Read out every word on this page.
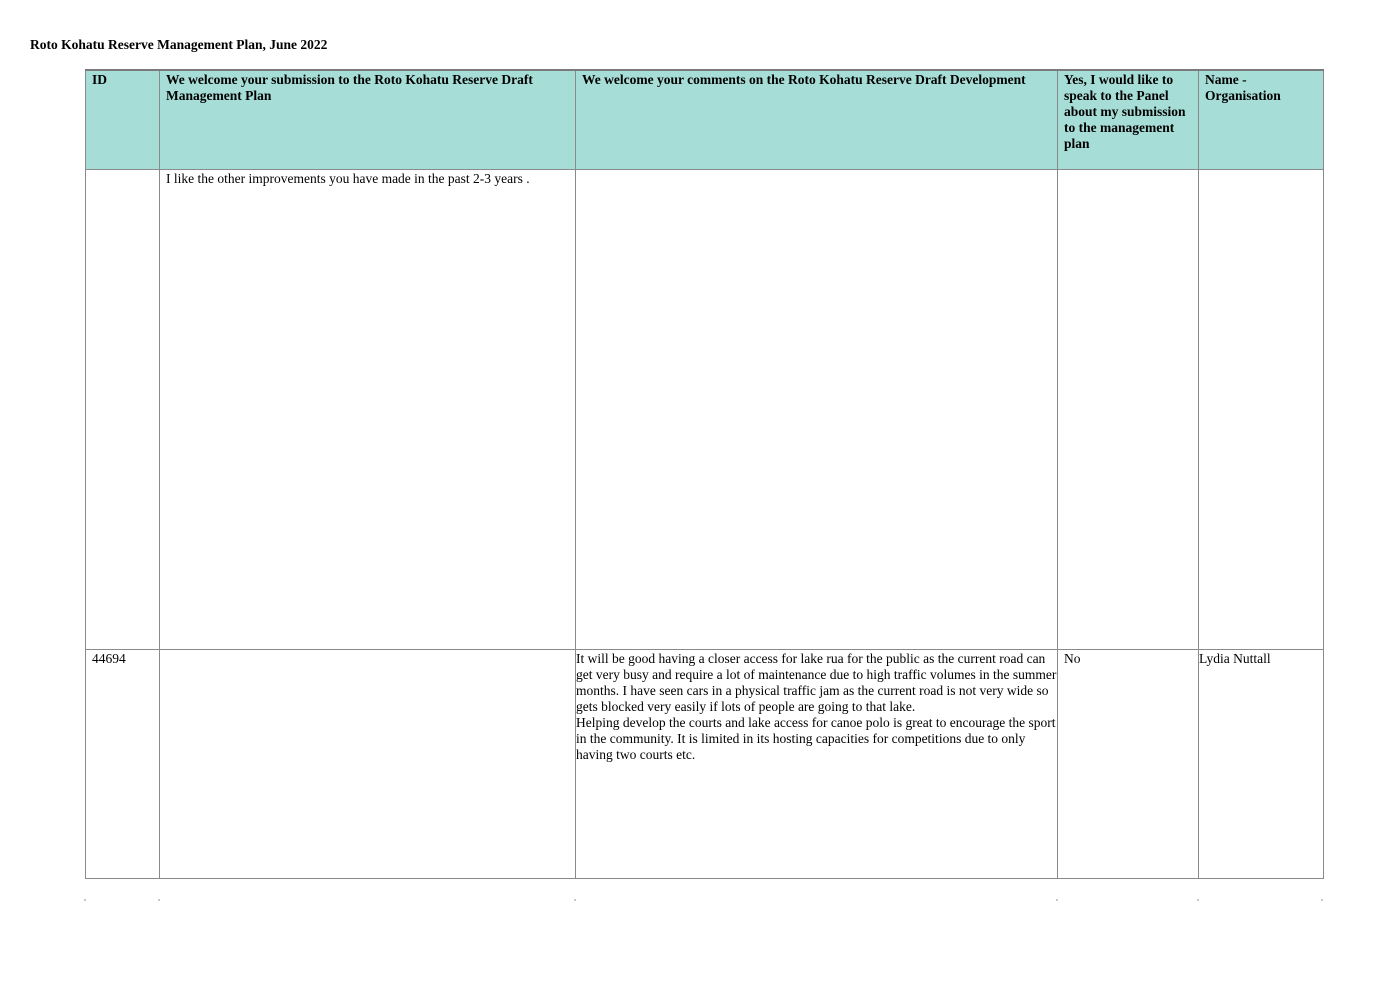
Roto Kohatu Reserve Management Plan, June 2022
ID	We welcome your submission to the Roto Kohatu Reserve Draft Management Plan	We welcome your comments on the Roto Kohatu Reserve Draft Development	Yes, I would like to speak to the Panel about my submission to the management plan	Name - Organisation
	I like the other improvements you have made in the past 2-3 years .			
44694		It will be good having a closer access for lake rua for the public as the current road can
get very busy and require a lot of maintenance due to high traffic volumes in the summer months. I have seen cars in a physical traffic jam as the current road is not very wide so gets blocked very easily if lots of people are going to that lake.
Helping develop the courts and lake access for canoe polo is great to encourage the sport in the community. It is limited in its hosting capacities for competitions due to only having two courts etc.	No	Lydia Nuttall
